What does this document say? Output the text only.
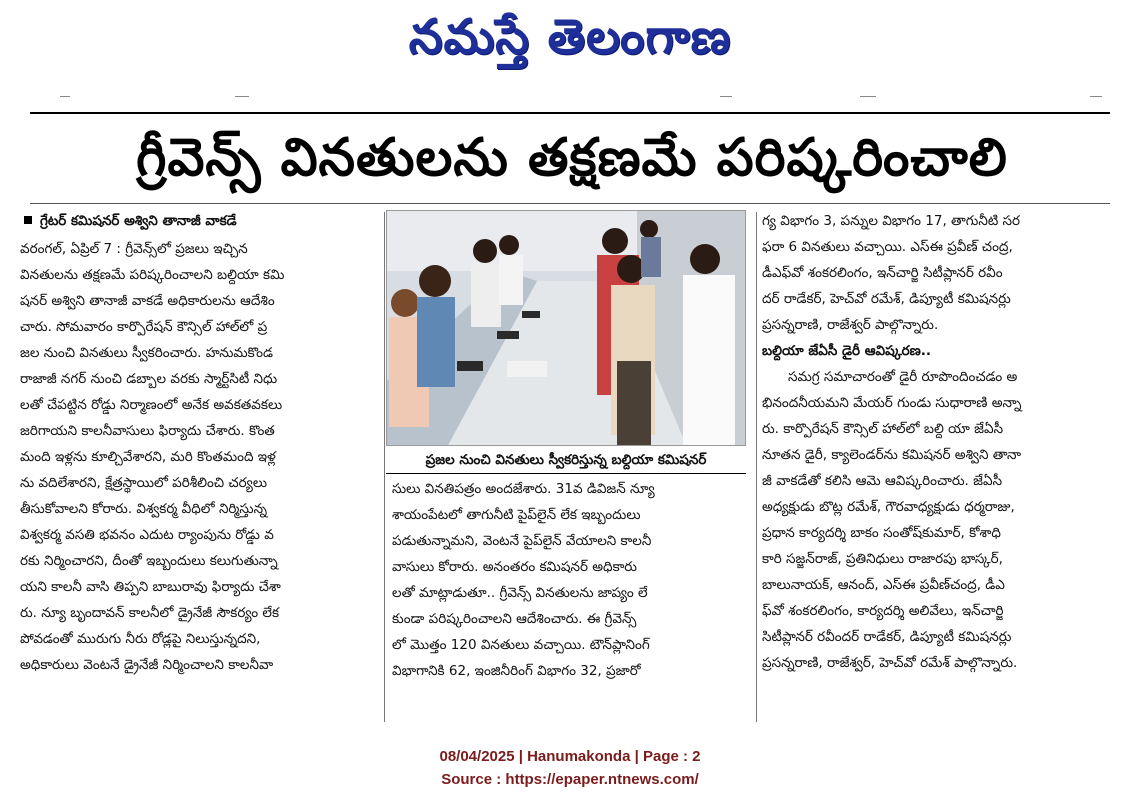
నమస్తే తెలంగాణ
గ్రీవెన్స్ వినతులను తక్షణమే పరిష్కరించాలి
గ్రేటర్ కమిషనర్ అశ్విని తానాజీ వాకడే

వరంగల్, ఏప్రిల్ 7 : గ్రీవెన్స్‌లో ప్రజలు ఇచ్చిన

వినతులను తక్షణమే పరిష్కరించాలని బల్దియా కమి

షనర్ అశ్విని తానాజీ వాకడే అధికారులను ఆదేశిం

చారు. సోమవారం కార్పొరేషన్ కౌన్సిల్ హాల్‌లో ప్ర

జల నుంచి వినతులు స్వీకరించారు. హనుమకొండ

రాజాజీ నగర్ నుంచి డబ్బాల వరకు స్మార్ట్‌సిటీ నిధు

లతో చేపట్టిన రోడ్డు నిర్మాణంలో అనేక అవకతవకలు

జరిగాయని కాలనీవాసులు ఫిర్యాదు చేశారు. కొంత

మంది ఇళ్లను కూల్చివేశారని, మరి కొంతమంది ఇళ్ల

ను వదిలేశారని, క్షేత్రస్థాయిలో పరిశీలించి చర్యలు

తీసుకోవాలని కోరారు. విశ్వకర్మ వీధిలో నిర్మిస్తున్న

విశ్వకర్మ వసతి భవనం ఎదుట ర్యాంపును రోడ్డు వ

రకు నిర్మించారని, దీంతో ఇబ్బందులు కలుగుతున్నా

యని కాలనీ వాసి తిప్పని బాబురావు ఫిర్యాదు చేశా

రు. న్యూ బృందావన్ కాలనీలో డ్రైనేజీ సౌకర్యం లేక

పోవడంతో మురుగు నీరు రోడ్లపై నిలుస్తున్నదని,

అధికారులు వెంటనే డ్రైనేజీ నిర్మించాలని కాలనీవా

ప్రజల నుంచి వినతులు స్వీకరిస్తున్న బల్దియా కమిషనర్

సులు వినతిపత్రం అందజేశారు. 31వ డివిజన్ న్యూ

శాయంపేటలో తాగునీటి పైప్‌లైన్ లేక ఇబ్బందులు

పడుతున్నామని, వెంటనే పైప్‌లైన్ వేయాలని కాలనీ

వాసులు కోరారు. అనంతరం కమిషనర్ అధికారు

లతో మాట్లాడుతూ.. గ్రీవెన్స్ వినతులను జాప్యం లే

కుండా పరిష్కరించాలని ఆదేశించారు. ఈ గ్రీవెన్స్

లో మొత్తం 120 వినతులు వచ్చాయి. టౌన్‌ప్లానింగ్

విభాగానికి 62, ఇంజినీరింగ్ విభాగం 32, ప్రజారో

గ్య విభాగం 3, పన్నుల విభాగం 17, తాగునీటి సర

ఫరా 6 వినతులు వచ్చాయి. ఎస్‌ఈ ప్రవీణ్ చంద్ర,

డీఎఫ్‌వో శంకరలింగం, ఇన్‌చార్జి సిటీప్లానర్ రవీం

దర్ రాడేకర్, హెచ్‌వో రమేశ్, డిప్యూటీ కమిషనర్లు

ప్రసన్నరాణి, రాజేశ్వర్ పాల్గొన్నారు.

బల్దియా జేఏసీ డైరీ ఆవిష్కరణ..

సమగ్ర సమాచారంతో డైరీ రూపొందించడం అ

భినందనీయమని మేయర్ గుండు సుధారాణి అన్నా

రు. కార్పొరేషన్ కౌన్సిల్ హాల్‌లో బల్ది యా జేఏసీ

నూతన డైరీ, క్యాలెండర్‌ను కమిషనర్ అశ్విని తానా

జీ వాకడేతో కలిసి ఆమె ఆవిష్కరించారు. జేఏసీ

అధ్యక్షుడు బొట్ల రమేశ్, గౌరవాధ్యక్షుడు ధర్మరాజు,

ప్రధాన కార్యదర్శి బాకం సంతోష్‌కుమార్, కోశాధి

కారి సజ్జన్‌రాజ్, ప్రతినిధులు రాజారపు భాస్కర్,

బాలునాయక్, ఆనంద్, ఎస్‌ఈ ప్రవీణ్‌చంద్ర, డీఎ

ఫ్‌వో శంకరలింగం, కార్యదర్శి అలివేలు, ఇన్‌చార్జి

సిటీప్లానర్ రవీందర్ రాడేకర్, డిప్యూటీ కమిషనర్లు

ప్రసన్నరాణి, రాజేశ్వర్, హెచ్‌వో రమేశ్ పాల్గొన్నారు.

08/04/2025 | Hanumakonda | Page : 2
Source : https://epaper.ntnews.com/
